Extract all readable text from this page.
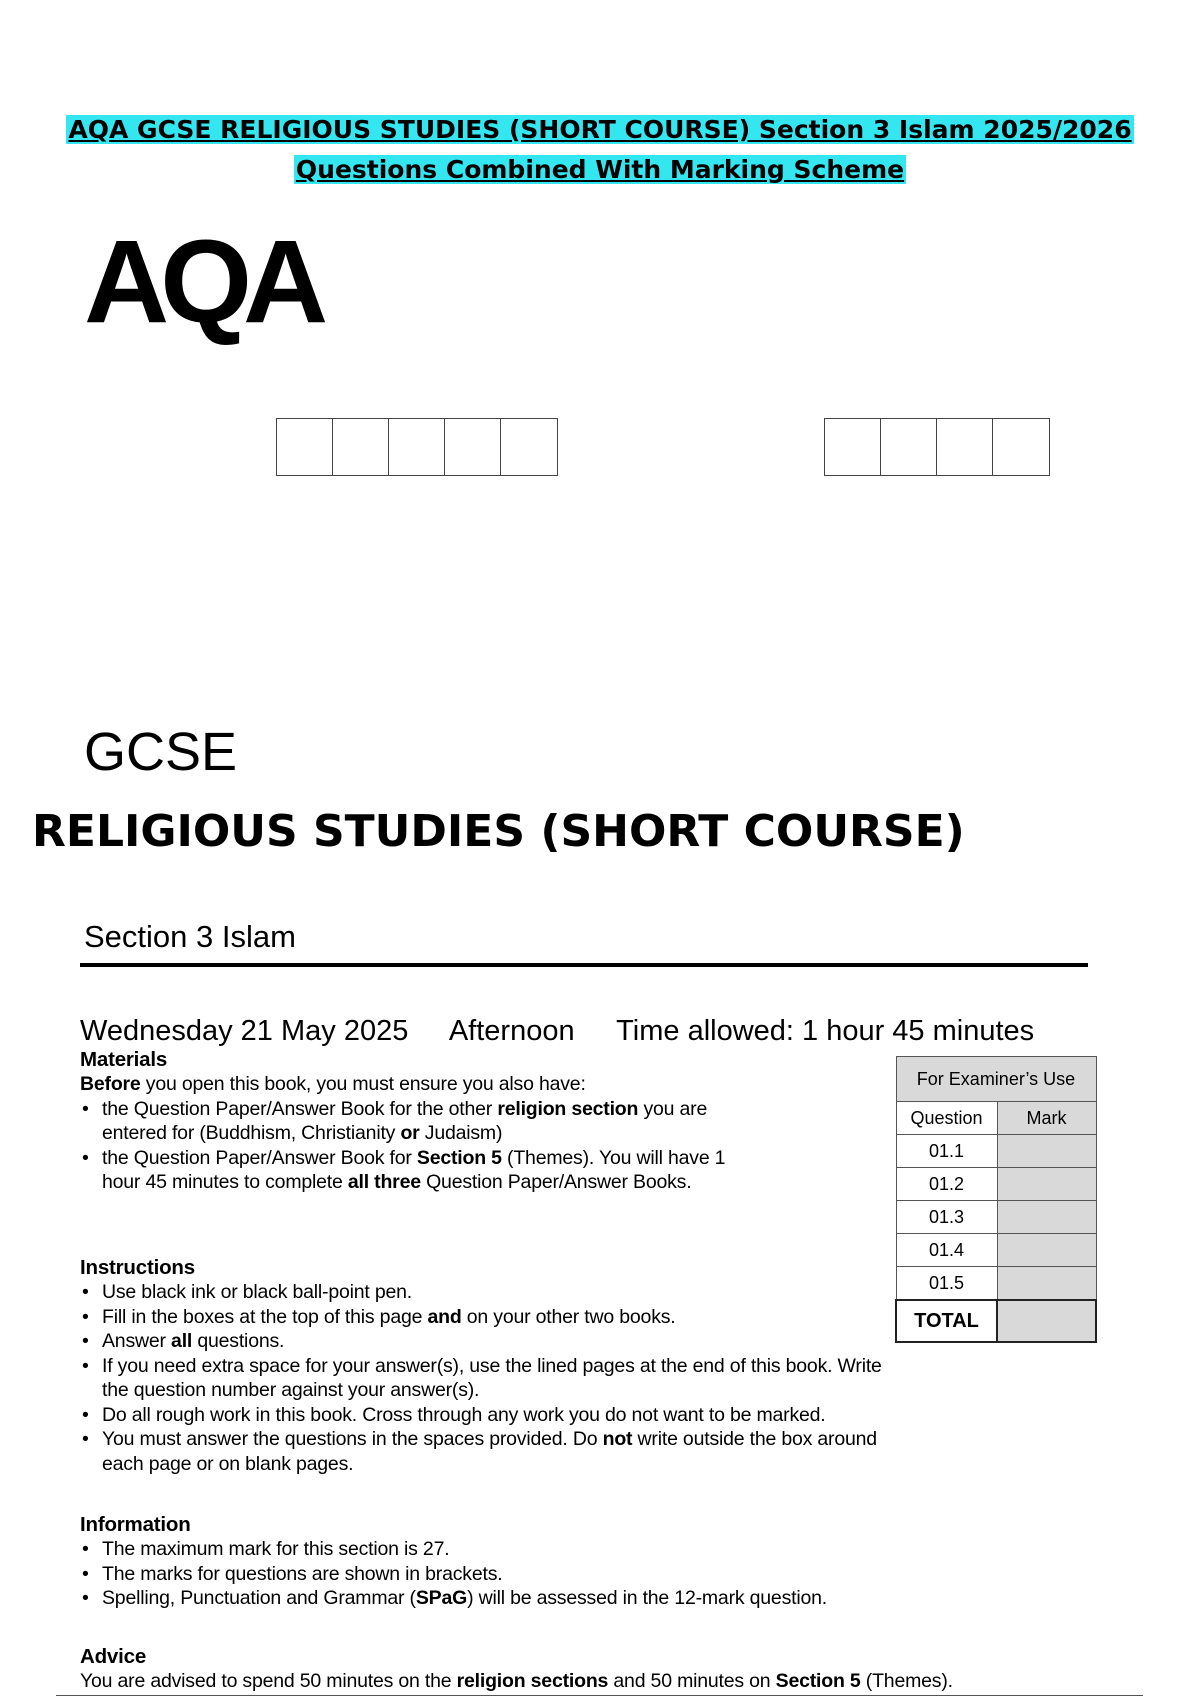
AQA GCSE RELIGIOUS STUDIES (SHORT COURSE) Section 3 Islam 2025/2026
Questions Combined With Marking Scheme
AQA
GCSE
RELIGIOUS STUDIES (SHORT COURSE)
Section 3 Islam
Wednesday 21 May 2025 Afternoon Time allowed: 1 hour 45 minutes
Materials
Before you open this book, you must ensure you also have:
• the Question Paper/Answer Book for the other religion section you are entered for (Buddhism, Christianity or Judaism)
• the Question Paper/Answer Book for Section 5 (Themes). You will have 1 hour 45 minutes to complete all three Question Paper/Answer Books.
Instructions
• Use black ink or black ball-point pen.
• Fill in the boxes at the top of this page and on your other two books.
• Answer all questions.
• If you need extra space for your answer(s), use the lined pages at the end of this book. Write the question number against your answer(s).
• Do all rough work in this book. Cross through any work you do not want to be marked.
• You must answer the questions in the spaces provided. Do not write outside the box around each page or on blank pages.
Information
• The maximum mark for this section is 27.
• The marks for questions are shown in brackets.
• Spelling, Punctuation and Grammar (SPaG) will be assessed in the 12-mark question.
Advice
You are advised to spend 50 minutes on the religion sections and 50 minutes on Section 5 (Themes).
For Examiner’s Use	
Question	Mark
01.1	
01.2	
01.3	
01.4	
01.5	
TOTAL	
